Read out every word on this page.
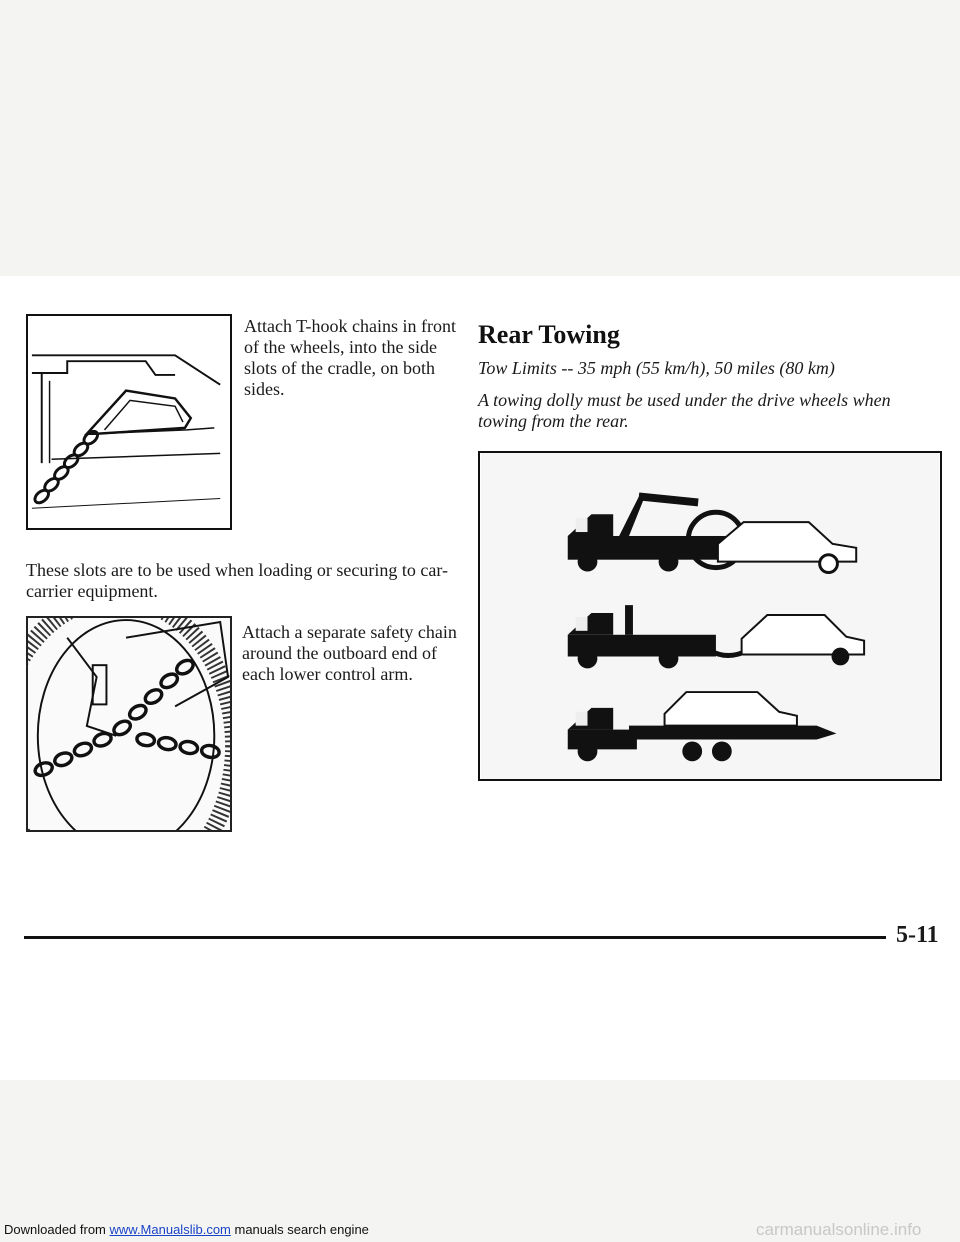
Attach T-hook chains in front of the wheels, into the side slots of the cradle, on both sides.
These slots are to be used when loading or securing to car-carrier equipment.
Attach a separate safety chain around the outboard end of each lower control arm.
Rear Towing
Tow Limits -- 35 mph (55 km/h), 50 miles (80 km)
A towing dolly must be used under the drive wheels when towing from the rear.
5-11
Downloaded from www.Manualslib.com manuals search engine	carmanualsonline.info
